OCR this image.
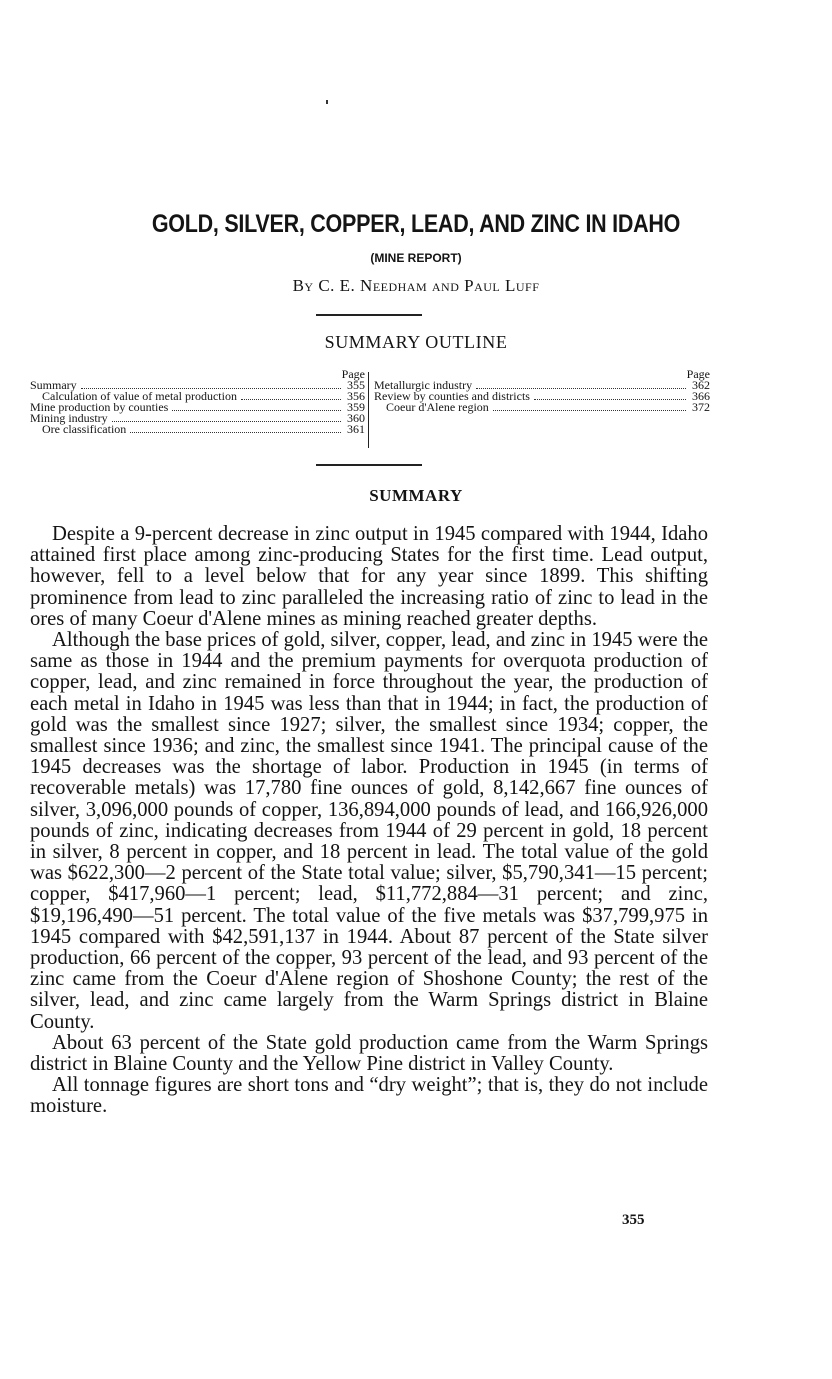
GOLD, SILVER, COPPER, LEAD, AND ZINC IN IDAHO
(MINE REPORT)
By C. E. Needham and Paul Luff
SUMMARY OUTLINE
Page
Summary	355
Calculation of value of metal production	356
Mine production by counties	359
Mining industry	360
Ore classification	361
Page
Metallurgic industry	362
Review by counties and districts	366
Coeur d'Alene region	372
SUMMARY

Despite a 9-percent decrease in zinc output in 1945 compared with 1944, Idaho attained first place among zinc-producing States for the first time. Lead output, however, fell to a level below that for any year since 1899. This shifting prominence from lead to zinc paralleled the increasing ratio of zinc to lead in the ores of many Coeur d'Alene mines as mining reached greater depths.

Although the base prices of gold, silver, copper, lead, and zinc in 1945 were the same as those in 1944 and the premium payments for overquota production of copper, lead, and zinc remained in force throughout the year, the production of each metal in Idaho in 1945 was less than that in 1944; in fact, the production of gold was the smallest since 1927; silver, the smallest since 1934; copper, the smallest since 1936; and zinc, the smallest since 1941. The principal cause of the 1945 decreases was the shortage of labor. Production in 1945 (in terms of recoverable metals) was 17,780 fine ounces of gold, 8,142,667 fine ounces of silver, 3,096,000 pounds of copper, 136,894,000 pounds of lead, and 166,926,000 pounds of zinc, indicating decreases from 1944 of 29 percent in gold, 18 percent in silver, 8 percent in copper, and 18 percent in lead. The total value of the gold was $622,300—2 percent of the State total value; silver, $5,790,341—15 percent; copper, $417,960—1 percent; lead, $11,772,884—31 percent; and zinc, $19,196,490—51 percent. The total value of the five metals was $37,799,975 in 1945 compared with $42,591,137 in 1944. About 87 percent of the State silver production, 66 percent of the copper, 93 percent of the lead, and 93 percent of the zinc came from the Coeur d'Alene region of Shoshone County; the rest of the silver, lead, and zinc came largely from the Warm Springs district in Blaine County.

About 63 percent of the State gold production came from the Warm Springs district in Blaine County and the Yellow Pine district in Valley County.

All tonnage figures are short tons and “dry weight”; that is, they do not include moisture.

355
